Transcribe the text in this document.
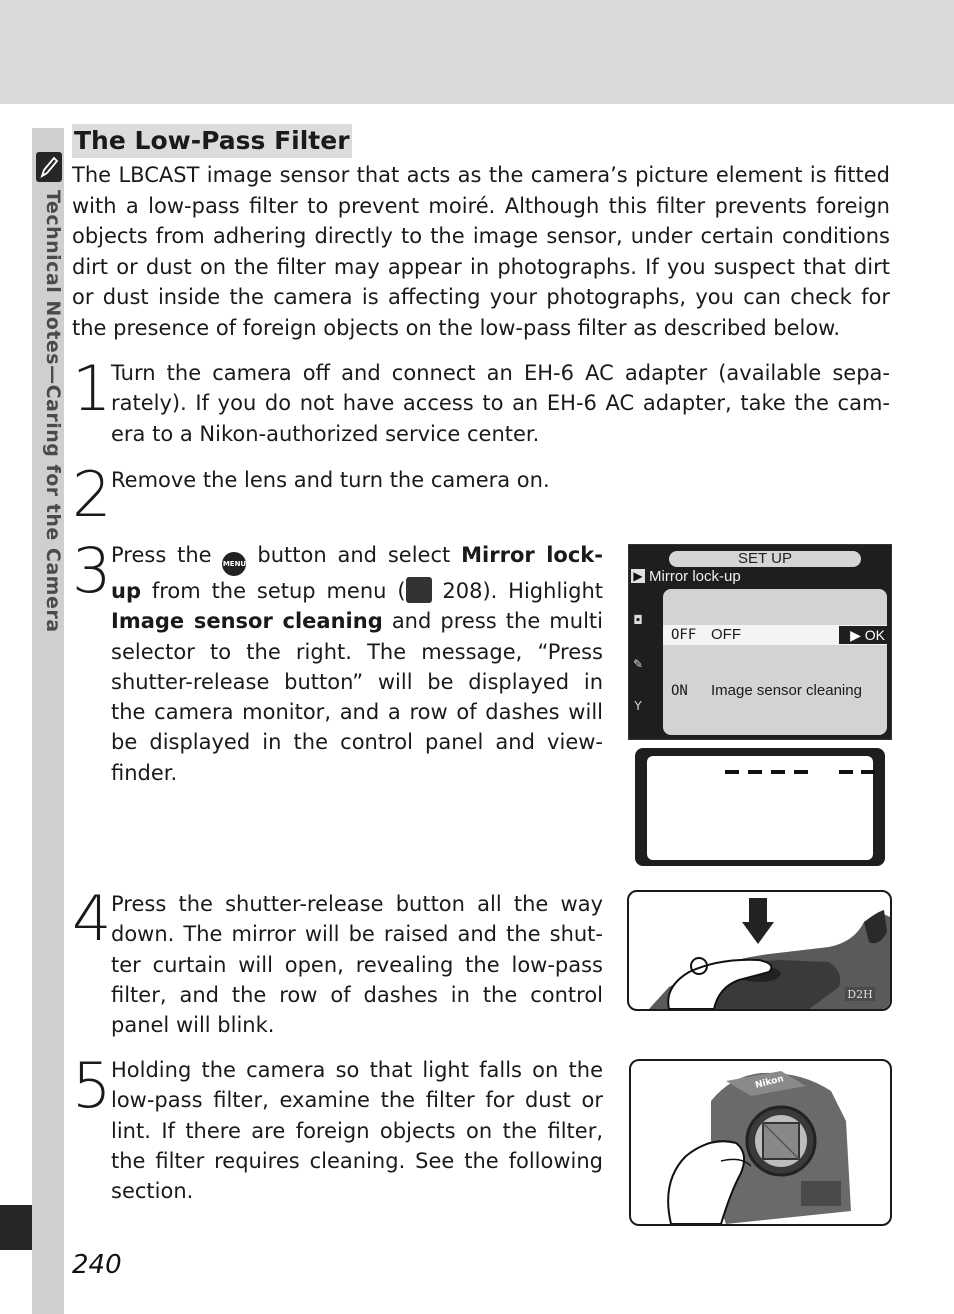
Technical Notes—Caring for the Camera
The Low-Pass Filter

The LBCAST image sensor that acts as the camera’s picture element is fitted with a low-pass filter to prevent moiré. Although this filter prevents foreign objects from adhering directly to the image sensor, under certain conditions dirt or dust on the filter may appear in photographs. If you suspect that dirt or dust inside the camera is affecting your photographs, you can check for the presence of foreign objects on the low-pass filter as described below.

1 Turn the camera off and connect an EH-6 AC adapter (available sepa-rately). If you do not have access to an EH-6 AC adapter, take the cam-era to a Nikon-authorized service center.

2 Remove the lens and turn the camera on.

3 Press the MENU button and select Mirror lock-up from the setup menu ( 208). Highlight Image sensor cleaning and press the multi selector to the right. The message, “Press shutter-release button” will be displayed in the camera monitor, and a row of dashes will be displayed in the control panel and view-finder.

SET UP
Mirror lock-up
▶
◘
✎
Y
OFF OFF	▶ OK
ON Image sensor cleaning
4 Press the shutter-release button all the way down. The mirror will be raised and the shut-ter curtain will open, revealing the low-pass filter, and the row of dashes in the control panel will blink.

D2H
5 Holding the camera so that light falls on the low-pass filter, examine the filter for dust or lint. If there are foreign objects on the filter, the filter requires cleaning. See the following section.

Nikon
240
